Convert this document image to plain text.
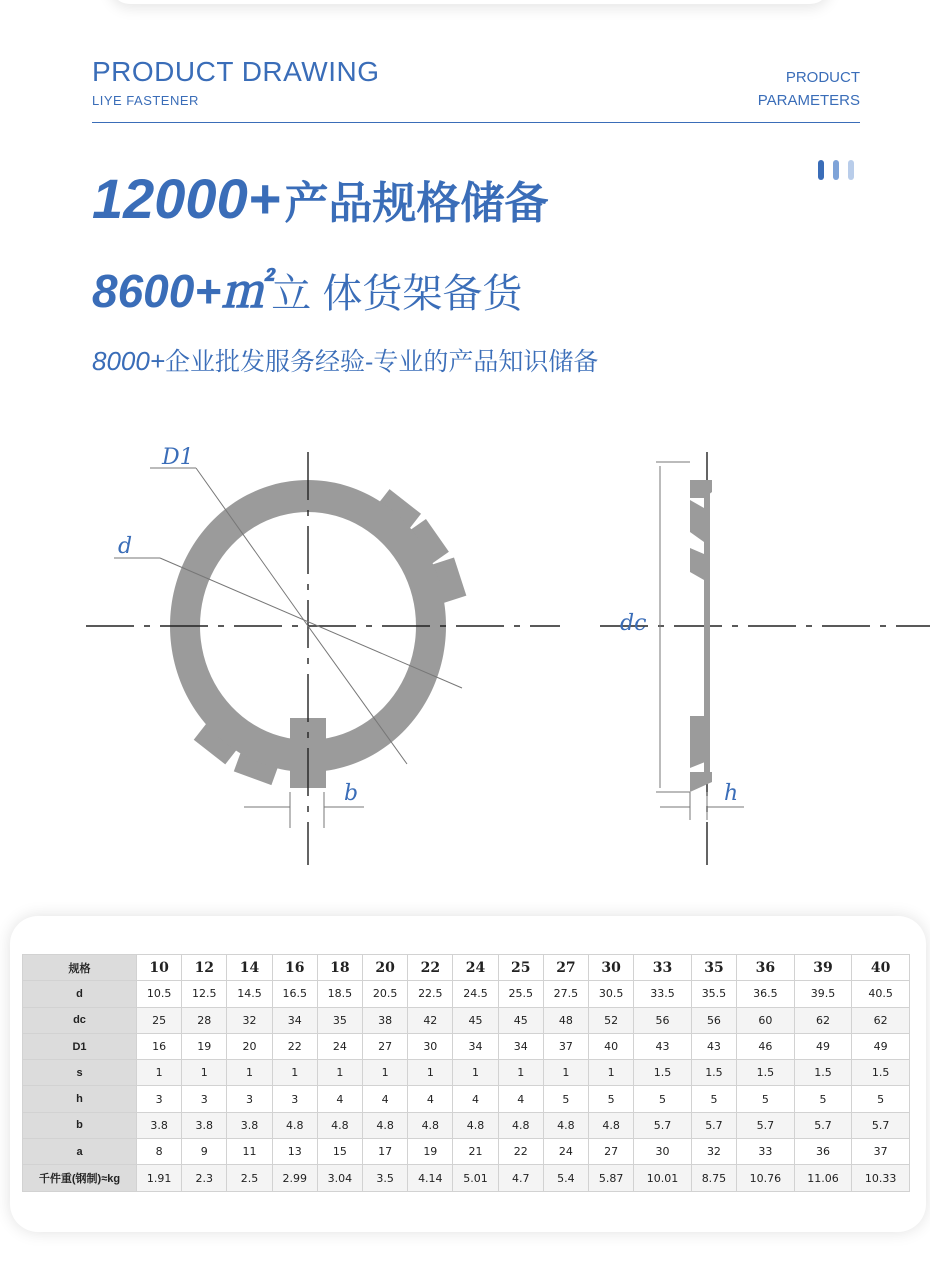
PRODUCT DRAWING
LIYE FASTENER
PRODUCT
PARAMETERS
12000+产品规格储备
8600+㎡ 立 体货架备货
8000+企业批发服务经验-专业的产品知识储备
D1
d
b
dc
h
规格	10	12	14	16	18	20	22	24	25	27	30	33	35	36	39	40
d	10.5	12.5	14.5	16.5	18.5	20.5	22.5	24.5	25.5	27.5	30.5	33.5	35.5	36.5	39.5	40.5
dc	25	28	32	34	35	38	42	45	45	48	52	56	56	60	62	62
D1	16	19	20	22	24	27	30	34	34	37	40	43	43	46	49	49
s	1	1	1	1	1	1	1	1	1	1	1	1.5	1.5	1.5	1.5	1.5
h	3	3	3	3	4	4	4	4	4	5	5	5	5	5	5	5
b	3.8	3.8	3.8	4.8	4.8	4.8	4.8	4.8	4.8	4.8	4.8	5.7	5.7	5.7	5.7	5.7
a	8	9	11	13	15	17	19	21	22	24	27	30	32	33	36	37
千件重(钢制)≈kg	1.91	2.3	2.5	2.99	3.04	3.5	4.14	5.01	4.7	5.4	5.87	10.01	8.75	10.76	11.06	10.33
